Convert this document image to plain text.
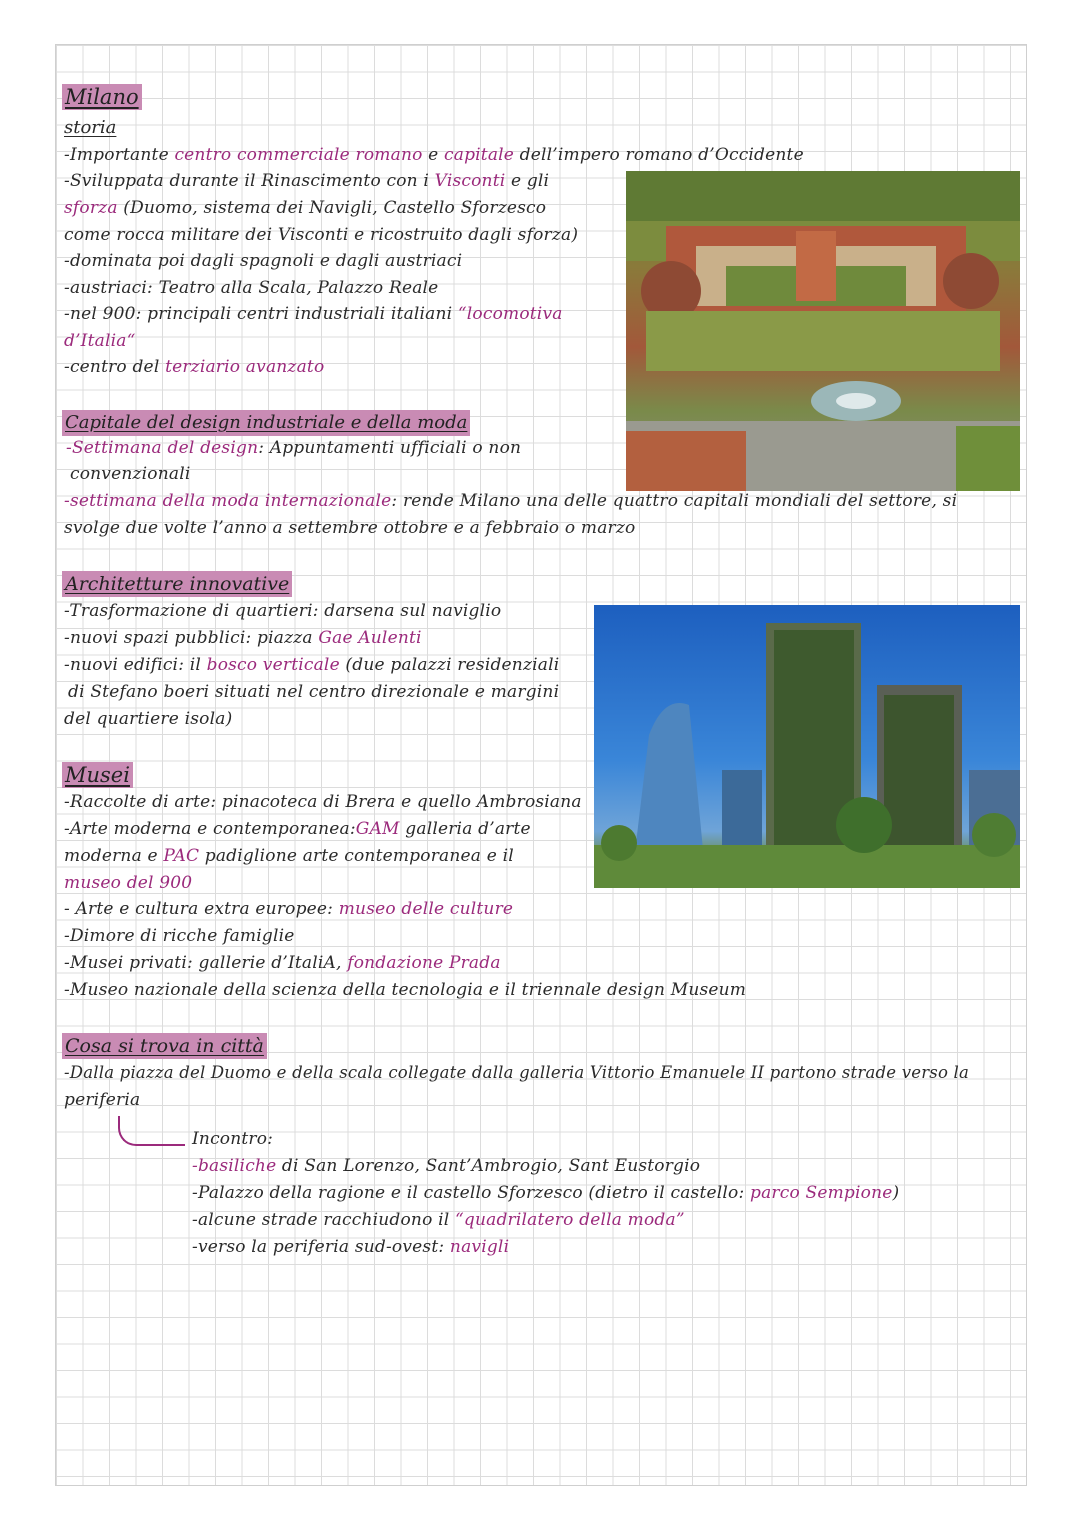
Milano
storia
-Importante centro commerciale romano e capitale dell’impero romano d’Occidente
-Sviluppata durante il Rinascimento con i Visconti e gli
sforza (Duomo, sistema dei Navigli, Castello Sforzesco
come rocca militare dei Visconti e ricostruito dagli sforza)
-dominata poi dagli spagnoli e dagli austriaci
-austriaci: Teatro alla Scala, Palazzo Reale
-nel 900: principali centri industriali italiani “locomotiva
d’Italia“
-centro del terziario avanzato
Capitale del design industriale e della moda
-Settimana del design: Appuntamenti ufficiali o non
convenzionali
-settimana della moda internazionale: rende Milano una delle quattro capitali mondiali del settore, si
svolge due volte l’anno a settembre ottobre e a febbraio o marzo
Architetture innovative
-Trasformazione di quartieri: darsena sul naviglio
-nuovi spazi pubblici: piazza Gae Aulenti
-nuovi edifici: il bosco verticale (due palazzi residenziali
di Stefano boeri situati nel centro direzionale e margini
del quartiere isola)
Musei
-Raccolte di arte: pinacoteca di Brera e quello Ambrosiana
-Arte moderna e contemporanea:GAM galleria d’arte
moderna e PAC padiglione arte contemporanea e il
museo del 900
- Arte e cultura extra europee: museo delle culture
-Dimore di ricche famiglie
-Musei privati: gallerie d’ItaliA, fondazione Prada
-Museo nazionale della scienza della tecnologia e il triennale design Museum
Cosa si trova in città
-Dalla piazza del Duomo e della scala collegate dalla galleria Vittorio Emanuele II partono strade verso la
periferia
Incontro:
-basiliche di San Lorenzo, Sant’Ambrogio, Sant Eustorgio
-Palazzo della ragione e il castello Sforzesco (dietro il castello: parco Sempione)
-alcune strade racchiudono il “quadrilatero della moda”
-verso la periferia sud-ovest: navigli
